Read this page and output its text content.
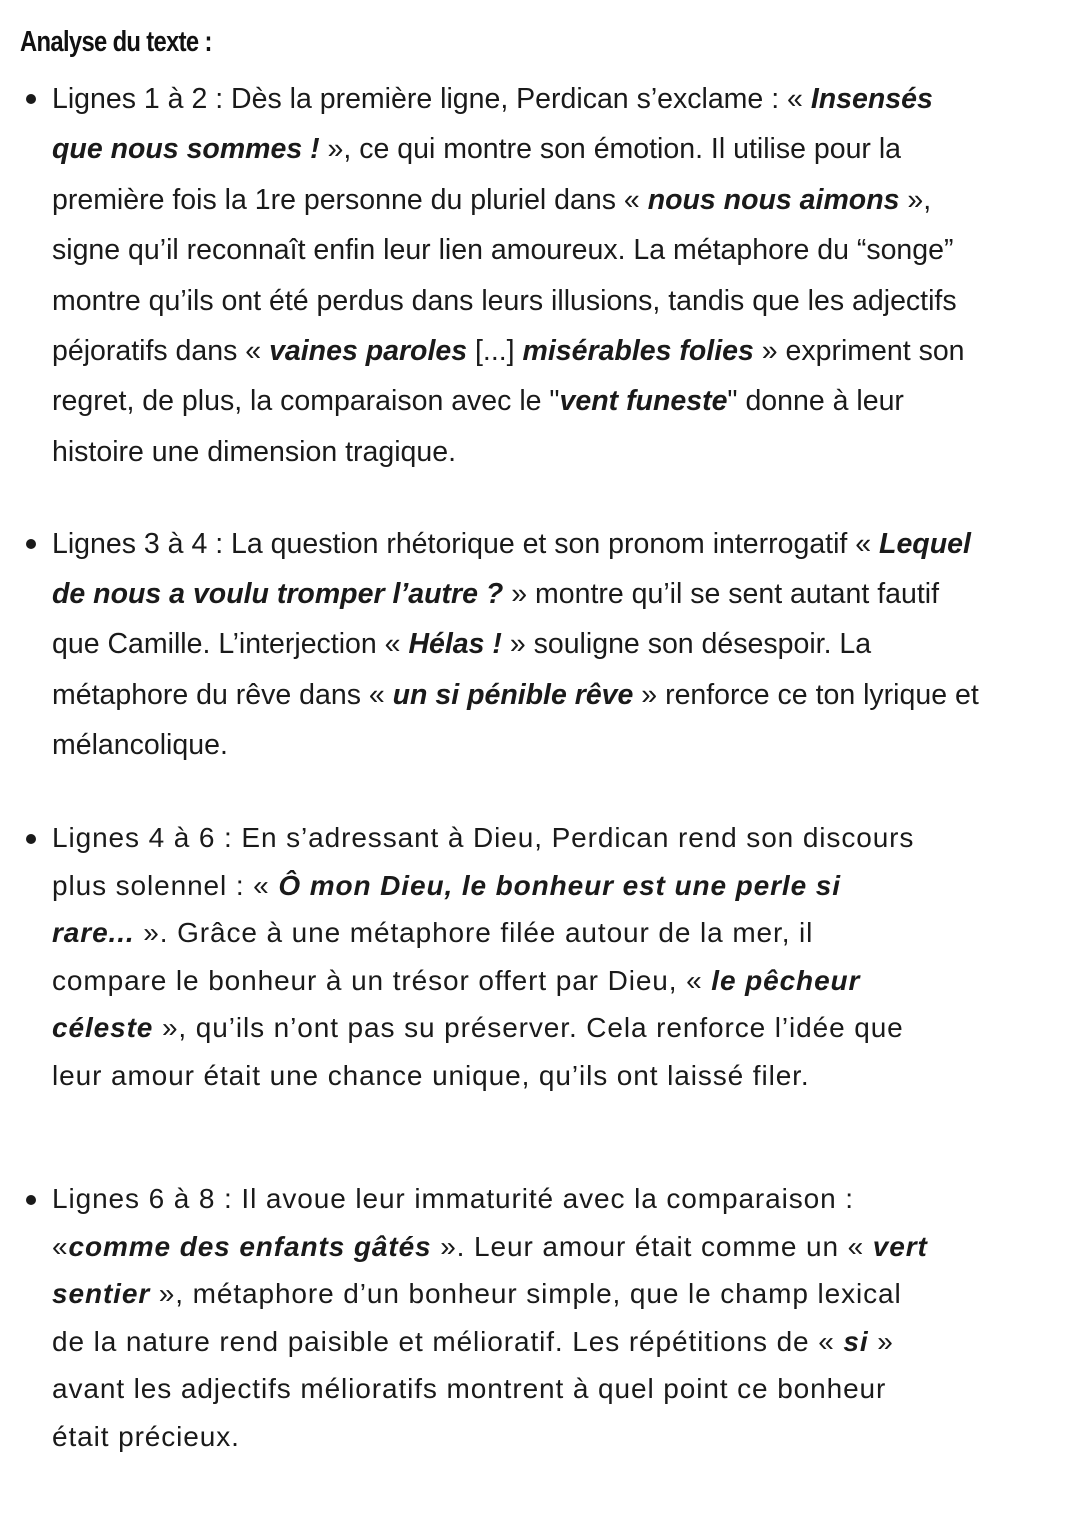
Analyse du texte :

Lignes 1 à 2 : Dès la première ligne, Perdican s’exclame : « Insensés
que nous sommes ! », ce qui montre son émotion. Il utilise pour la
première fois la 1re personne du pluriel dans « nous nous aimons »,
signe qu’il reconnaît enfin leur lien amoureux. La métaphore du “songe”
montre qu’ils ont été perdus dans leurs illusions, tandis que les adjectifs
péjoratifs dans « vaines paroles [...] misérables folies » expriment son
regret, de plus, la comparaison avec le "vent funeste" donne à leur
histoire une dimension tragique.

Lignes 3 à 4 : La question rhétorique et son pronom interrogatif « Lequel
de nous a voulu tromper l’autre ? » montre qu’il se sent autant fautif
que Camille. L’interjection « Hélas ! » souligne son désespoir. La
métaphore du rêve dans « un si pénible rêve » renforce ce ton lyrique et
mélancolique.

Lignes 4 à 6 : En s’adressant à Dieu, Perdican rend son discours
plus solennel : « Ô mon Dieu, le bonheur est une perle si
rare... ». Grâce à une métaphore filée autour de la mer, il
compare le bonheur à un trésor offert par Dieu, « le pêcheur
céleste », qu’ils n’ont pas su préserver. Cela renforce l’idée que
leur amour était une chance unique, qu’ils ont laissé filer.

Lignes 6 à 8 : Il avoue leur immaturité avec la comparaison :
«comme des enfants gâtés ». Leur amour était comme un « vert
sentier », métaphore d’un bonheur simple, que le champ lexical
de la nature rend paisible et mélioratif. Les répétitions de « si »
avant les adjectifs mélioratifs montrent à quel point ce bonheur
était précieux.
